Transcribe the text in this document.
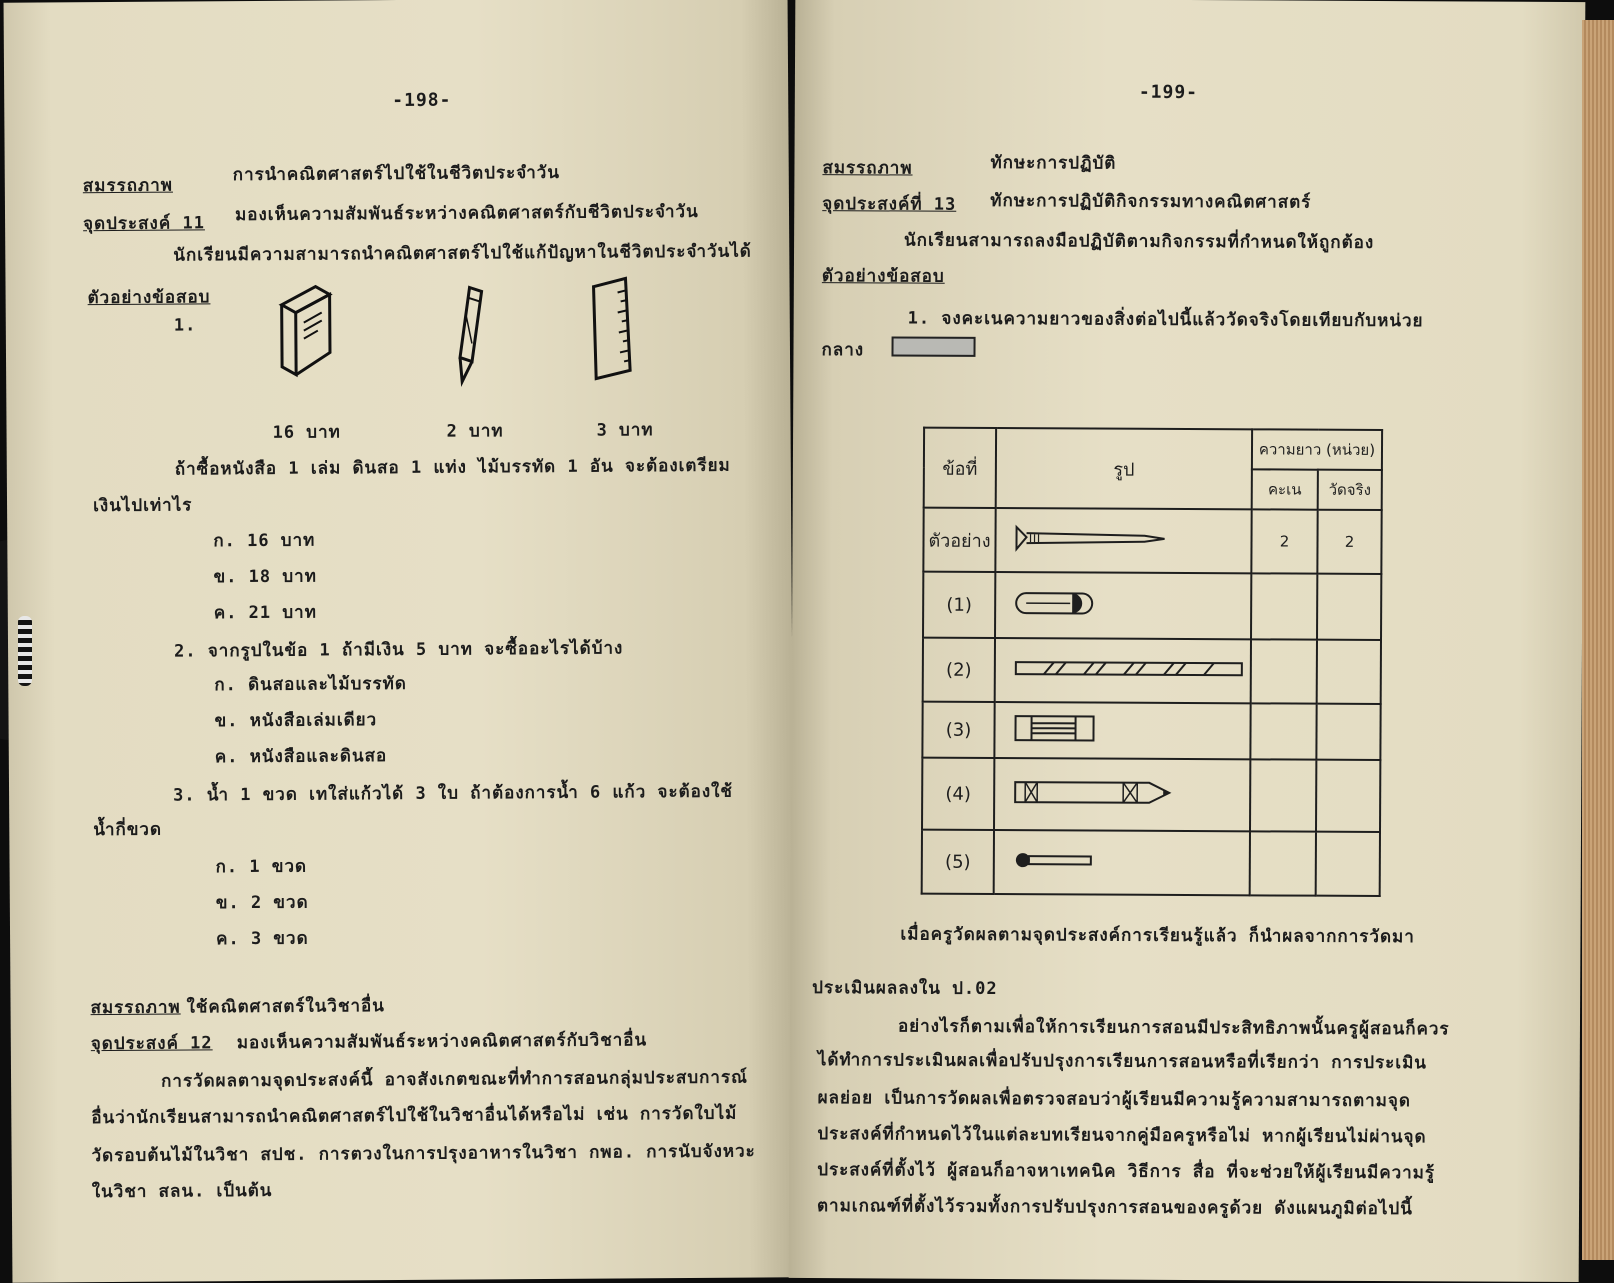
-198-
สมรรถภาพ
การนำคณิตศาสตร์ไปใช้ในชีวิตประจำวัน
จุดประสงค์ 11 มองเห็นความสัมพันธ์ระหว่างคณิตศาสตร์กับชีวิตประจำวัน
นักเรียนมีความสามารถนำคณิตศาสตร์ไปใช้แก้ปัญหาในชีวิตประจำวันได้
ตัวอย่างข้อสอบ
1.
16 บาท	2 บาท	3 บาท
ถ้าซื้อหนังสือ 1 เล่ม ดินสอ 1 แท่ง ไม้บรรทัด 1 อัน จะต้องเตรียม
เงินไปเท่าไร
ก. 16 บาท
ข. 18 บาท
ค. 21 บาท
2. จากรูปในข้อ 1 ถ้ามีเงิน 5 บาท จะซื้ออะไรได้บ้าง
ก. ดินสอและไม้บรรทัด
ข. หนังสือเล่มเดียว
ค. หนังสือและดินสอ
3. น้ำ 1 ขวด เทใส่แก้วได้ 3 ใบ ถ้าต้องการน้ำ 6 แก้ว จะต้องใช้
น้ำกี่ขวด
ก. 1 ขวด
ข. 2 ขวด
ค. 3 ขวด
สมรรถภาพ ใช้คณิตศาสตร์ในวิชาอื่น
จุดประสงค์ 12 มองเห็นความสัมพันธ์ระหว่างคณิตศาสตร์กับวิชาอื่น
การวัดผลตามจุดประสงค์นี้ อาจสังเกตขณะที่ทำการสอนกลุ่มประสบการณ์
อื่นว่านักเรียนสามารถนำคณิตศาสตร์ไปใช้ในวิชาอื่นได้หรือไม่ เช่น การวัดใบไม้
วัดรอบต้นไม้ในวิชา สปช. การตวงในการปรุงอาหารในวิชา กพอ. การนับจังหวะ
ในวิชา สลน. เป็นต้น
-199-
สมรรถภาพ	ทักษะการปฏิบัติ
จุดประสงค์ที่ 13 ทักษะการปฏิบัติกิจกรรมทางคณิตศาสตร์
นักเรียนสามารถลงมือปฏิบัติตามกิจกรรมที่กำหนดให้ถูกต้อง
ตัวอย่างข้อสอบ
1. จงคะเนความยาวของสิ่งต่อไปนี้แล้ววัดจริงโดยเทียบกับหน่วย
กลาง
ข้อที่	รูป	ความยาว (หน่วย)	
		คะเน	วัดจริง
ตัวอย่าง		2	2
(1)			
(2)			
(3)			
(4)			
(5)			
เมื่อครูวัดผลตามจุดประสงค์การเรียนรู้แล้ว ก็นำผลจากการวัดมา
ประเมินผลลงใน ป.02
อย่างไรก็ตามเพื่อให้การเรียนการสอนมีประสิทธิภาพนั้นครูผู้สอนก็ควร
ได้ทำการประเมินผลเพื่อปรับปรุงการเรียนการสอนหรือที่เรียกว่า การประเมิน
ผลย่อย เป็นการวัดผลเพื่อตรวจสอบว่าผู้เรียนมีความรู้ความสามารถตามจุด
ประสงค์ที่กำหนดไว้ในแต่ละบทเรียนจากคู่มือครูหรือไม่ หากผู้เรียนไม่ผ่านจุด
ประสงค์ที่ตั้งไว้ ผู้สอนก็อาจหาเทคนิค วิธีการ สื่อ ที่จะช่วยให้ผู้เรียนมีความรู้
ตามเกณฑ์ที่ตั้งไว้รวมทั้งการปรับปรุงการสอนของครูด้วย ดังแผนภูมิต่อไปนี้
